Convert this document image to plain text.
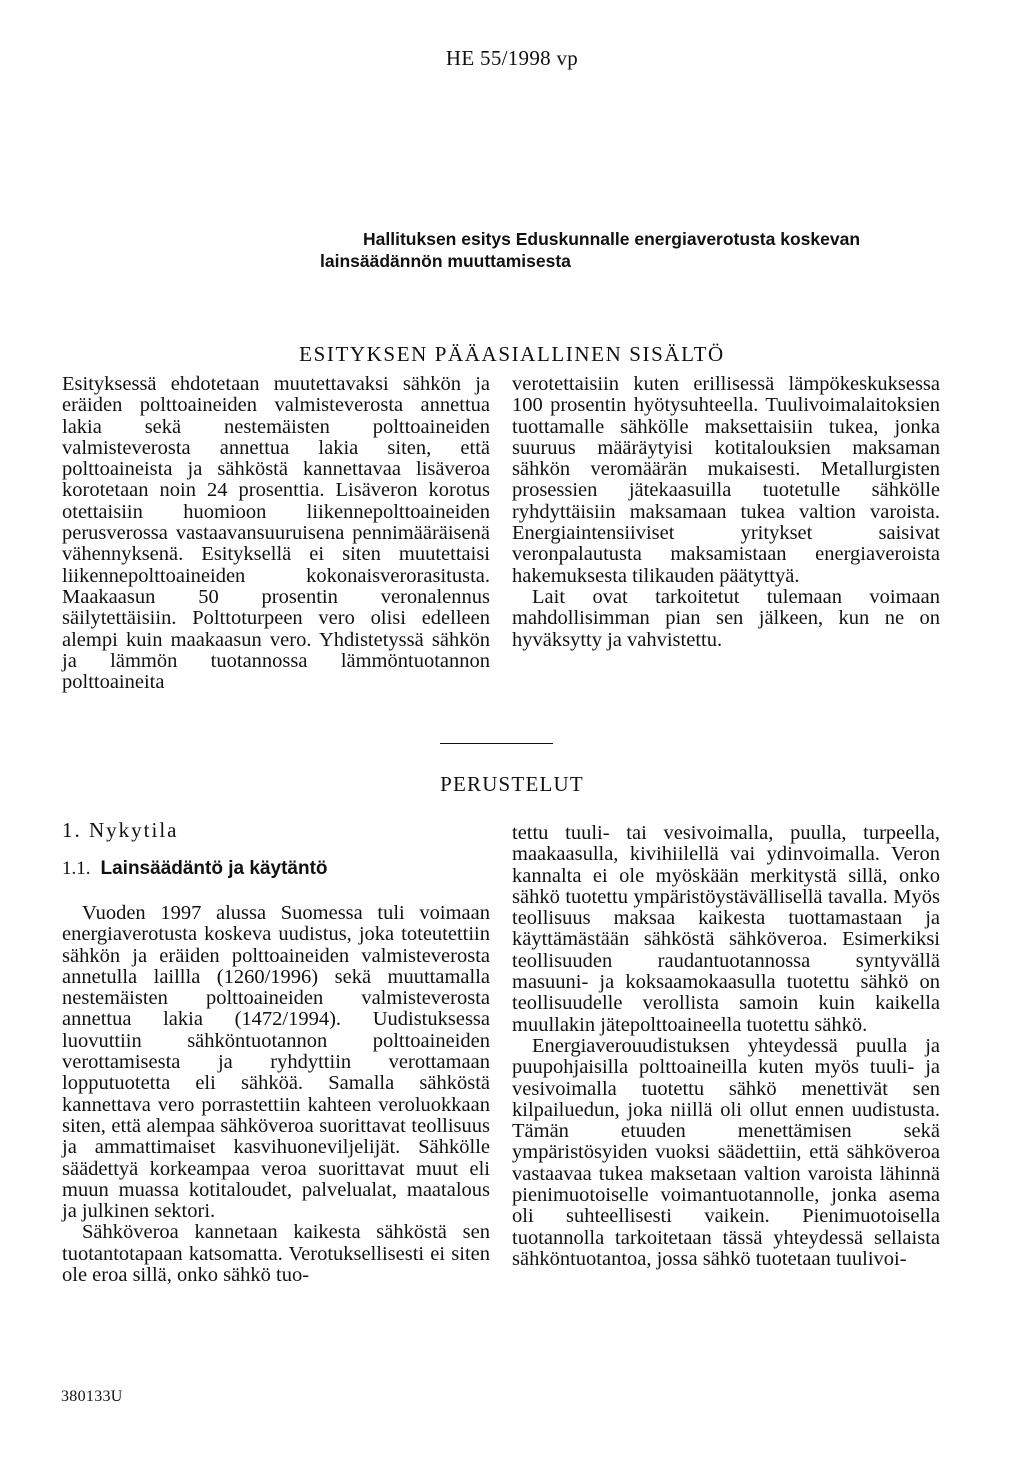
HE 55/1998 vp
Hallituksen esitys Eduskunnalle energiaverotusta koskevan
lainsäädännön muuttamisesta
ESITYKSEN PÄÄASIALLINEN SISÄLTÖ
Esityksessä ehdotetaan muutettavaksi sähkön ja eräiden polttoaineiden valmisteverosta annettua lakia sekä nestemäisten polttoaineiden valmisteverosta annettua lakia siten, että polttoaineista ja sähköstä kannettavaa lisäveroa korotetaan noin 24 prosenttia. Lisäveron korotus otettaisiin huomioon liikennepolttoaineiden perusverossa vastaavansuuruisena pennimääräisenä vähennyksenä. Esityksellä ei siten muutettaisi liikennepolttoaineiden kokonaisverorasitusta. Maakaasun 50 prosentin veronalennus säilytettäisiin. Polttoturpeen vero olisi edelleen alempi kuin maakaasun vero. Yhdistetyssä sähkön ja lämmön tuotannossa lämmöntuotannon polttoaineita
verotettaisiin kuten erillisessä lämpökeskuksessa 100 prosentin hyötysuhteella. Tuulivoimalaitoksien tuottamalle sähkölle maksettaisiin tukea, jonka suuruus määräytyisi kotitalouksien maksaman sähkön veromäärän mukaisesti. Metallurgisten prosessien jätekaasuilla tuotetulle sähkölle ryhdyttäisiin maksamaan tukea valtion varoista. Energiaintensiiviset yritykset saisivat veronpalautusta maksamistaan energiaveroista hakemuksesta tilikauden päätyttyä.
Lait ovat tarkoitetut tulemaan voimaan mahdollisimman pian sen jälkeen, kun ne on hyväksytty ja vahvistettu.
PERUSTELUT
1. Nykytila
1.1. Lainsäädäntö ja käytäntö
Vuoden 1997 alussa Suomessa tuli voimaan energiaverotusta koskeva uudistus, joka toteutettiin sähkön ja eräiden polttoaineiden valmisteverosta annetulla laillla (1260/1996) sekä muuttamalla nestemäisten polttoaineiden valmisteverosta annettua lakia (1472/1994). Uudistuksessa luovuttiin sähköntuotannon polttoaineiden verottamisesta ja ryhdyttiin verottamaan lopputuotetta eli sähköä. Samalla sähköstä kannettava vero porrastettiin kahteen veroluokkaan siten, että alempaa sähköveroa suorittavat teollisuus ja ammattimaiset kasvihuoneviljelijät. Sähkölle säädettyä korkeampaa veroa suorittavat muut eli muun muassa kotitaloudet, palvelualat, maatalous ja julkinen sektori.
Sähköveroa kannetaan kaikesta sähköstä sen tuotantotapaan katsomatta. Verotuksellisesti ei siten ole eroa sillä, onko sähkö tuo-
tettu tuuli- tai vesivoimalla, puulla, turpeella, maakaasulla, kivihiilellä vai ydinvoimalla. Veron kannalta ei ole myöskään merkitystä sillä, onko sähkö tuotettu ympäristöystävällisellä tavalla. Myös teollisuus maksaa kaikesta tuottamastaan ja käyttämästään sähköstä sähköveroa. Esimerkiksi teollisuuden raudantuotannossa syntyvällä masuuni- ja koksaamokaasulla tuotettu sähkö on teollisuudelle verollista samoin kuin kaikella muullakin jätepolttoaineella tuotettu sähkö.
Energiaverouudistuksen yhteydessä puulla ja puupohjaisilla polttoaineilla kuten myös tuuli- ja vesivoimalla tuotettu sähkö menettivät sen kilpailuedun, joka niillä oli ollut ennen uudistusta. Tämän etuuden menettämisen sekä ympäristösyiden vuoksi säädettiin, että sähköveroa vastaavaa tukea maksetaan valtion varoista lähinnä pienimuotoiselle voimantuotannolle, jonka asema oli suhteellisesti vaikein. Pienimuotoisella tuotannolla tarkoitetaan tässä yhteydessä sellaista sähköntuotantoa, jossa sähkö tuotetaan tuulivoi-
380133U
